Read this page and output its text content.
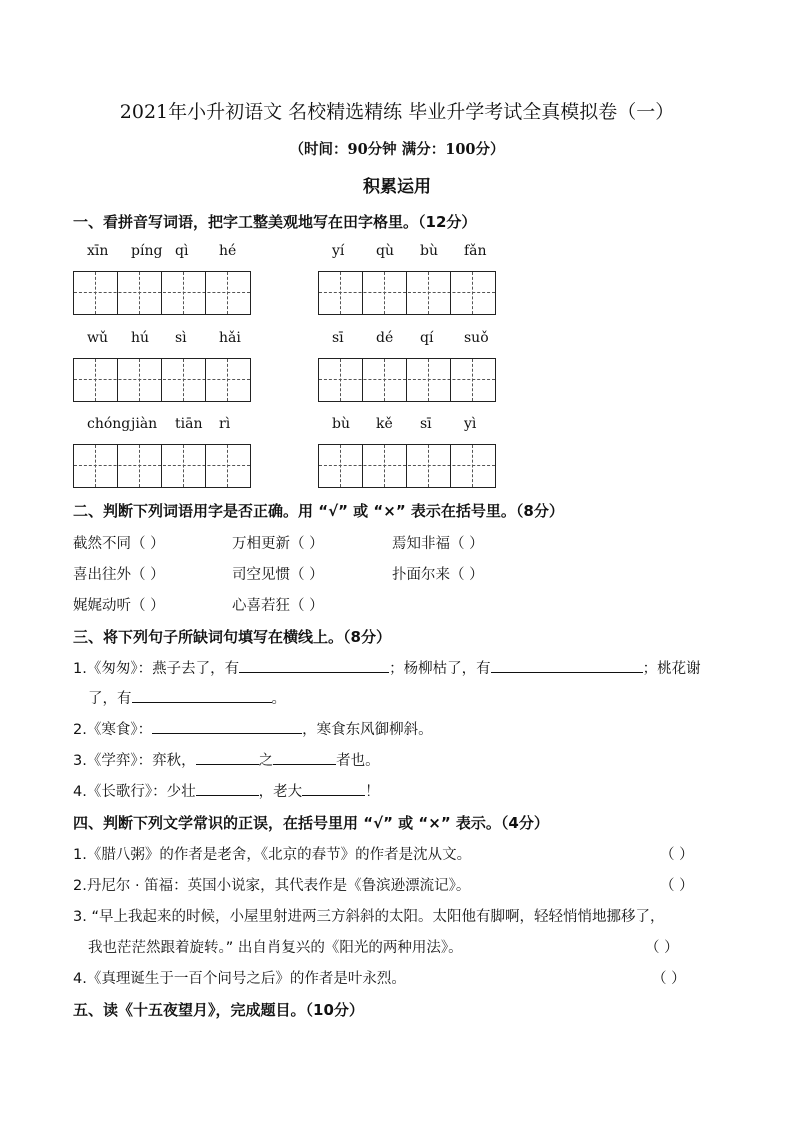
2021年小升初语文 名校精选精练 毕业升学考试全真模拟卷（一）
（时间：90分钟 满分：100分）
积累运用
一、看拼音写词语，把字工整美观地写在田字格里。（12分）
xīn píng qì hé	yí qù bù fǎn
wǔ hú sì hǎi	sī dé qí suǒ
chóng jiàn tiān rì	bù kě sī yì
二、判断下列词语用字是否正确。用 “√” 或 “×” 表示在括号里。（8分）
截然不同（ ）	万相更新（ ）	焉知非福（ ）
喜出往外（ ）	司空见惯（ ）	扑面尔来（ ）
娓娓动听（ ）	心喜若狂（ ）
三、将下列句子所缺词句填写在横线上。（8分）
1.《匆匆》：燕子去了，有	；杨柳枯了，有	；桃花谢
了，有	。
2.《寒食》：	，寒食东风御柳斜。
3.《学弈》：弈秋，	之	者也。
4.《长歌行》：少壮	，老大	！
四、判断下列文学常识的正误，在括号里用 “√” 或 “×” 表示。（4分）
1.《腊八粥》的作者是老舍，《北京的春节》的作者是沈从文。	（ ）
2.丹尼尔 · 笛福：英国小说家，其代表作是《鲁滨逊漂流记》。	（ ）
3. “早上我起来的时候，小屋里射进两三方斜斜的太阳。太阳他有脚啊，轻轻悄悄地挪移了，
我也茫茫然跟着旋转。” 出自肖复兴的《阳光的两种用法》。	（ ）
4.《真理诞生于一百个问号之后》的作者是叶永烈。	（ ）
五、读《十五夜望月》，完成题目。（10分）
